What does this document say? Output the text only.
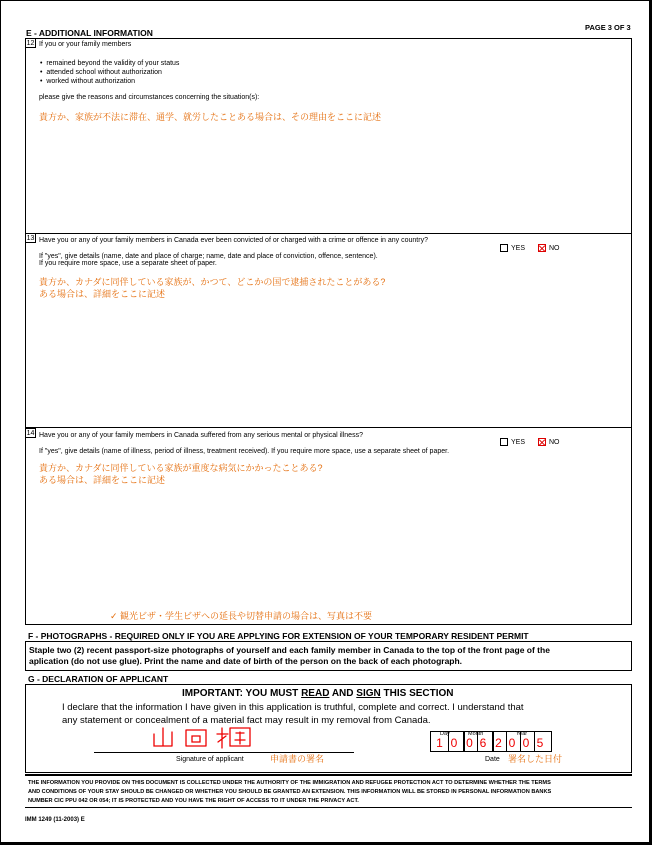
E - ADDITIONAL INFORMATION
PAGE 3 OF 3
12 If you or your family members
•  remained beyond the validity of your status
•  attended school without authorization
•  worked without authorization
please give the reasons and circumstances concerning the situation(s):
貴方か、家族が不法に滞在、通学、就労したことある場合は、その理由をここに記述
13 Have you or any of your family members in Canada ever been convicted of or charged with a crime or offence in any country?
YES	NO
If "yes", give details (name, date and place of charge; name, date and place of conviction, offence, sentence).
If you require more space, use a separate sheet of paper.
貴方か、カナダに同伴している家族が、かつて、どこかの国で逮捕されたことがある?
ある場合は、詳細をここに記述
14 Have you or any of your family members in Canada suffered from any serious mental or physical illness?
YES	NO
If "yes", give details (name of illness, period of illness, treatment received). If you require more space, use a separate sheet of paper.
貴方か、カナダに同伴している家族が重度な病気にかかったことある?
ある場合は、詳細をここに記述
✓ 観光ビザ・学生ビザへの延長や切替申請の場合は、写真は不要
F - PHOTOGRAPHS - REQUIRED ONLY IF YOU ARE APPLYING FOR EXTENSION OF YOUR TEMPORARY RESIDENT PERMIT
Staple two (2) recent passport-size photographs of yourself and each family member in Canada to the top of the front page of the
aplication (do not use glue). Print the name and date of birth of the person on the back of each photograph.
G - DECLARATION OF APPLICANT
IMPORTANT: YOU MUST READ AND SIGN THIS SECTION
I declare that the information I have given in this application is truthful, complete and correct. I understand that
any statement or concealment of a material fact may result in my removal from Canada.
Signature of applicant	申請書の署名
Day	Month	Year
1 0 0 6 2 0 0 5
Date 署名した日付
THE INFORMATION YOU PROVIDE ON THIS DOCUMENT IS COLLECTED UNDER THE AUTHORITY OF THE IMMIGRATION AND REFUGEE PROTECTION ACT TO DETERMINE WHETHER THE TERMS
AND CONDITIONS OF YOUR STAY SHOULD BE CHANGED OR WHETHER YOU SHOULD BE GRANTED AN EXTENSION. THIS INFORMATION WILL BE STORED IN PERSONAL INFORMATION BANKS
NUMBER CIC PPU 042 OR 054; IT IS PROTECTED AND YOU HAVE THE RIGHT OF ACCESS TO IT UNDER THE PRIVACY ACT.
IMM 1249 (11-2003) E
